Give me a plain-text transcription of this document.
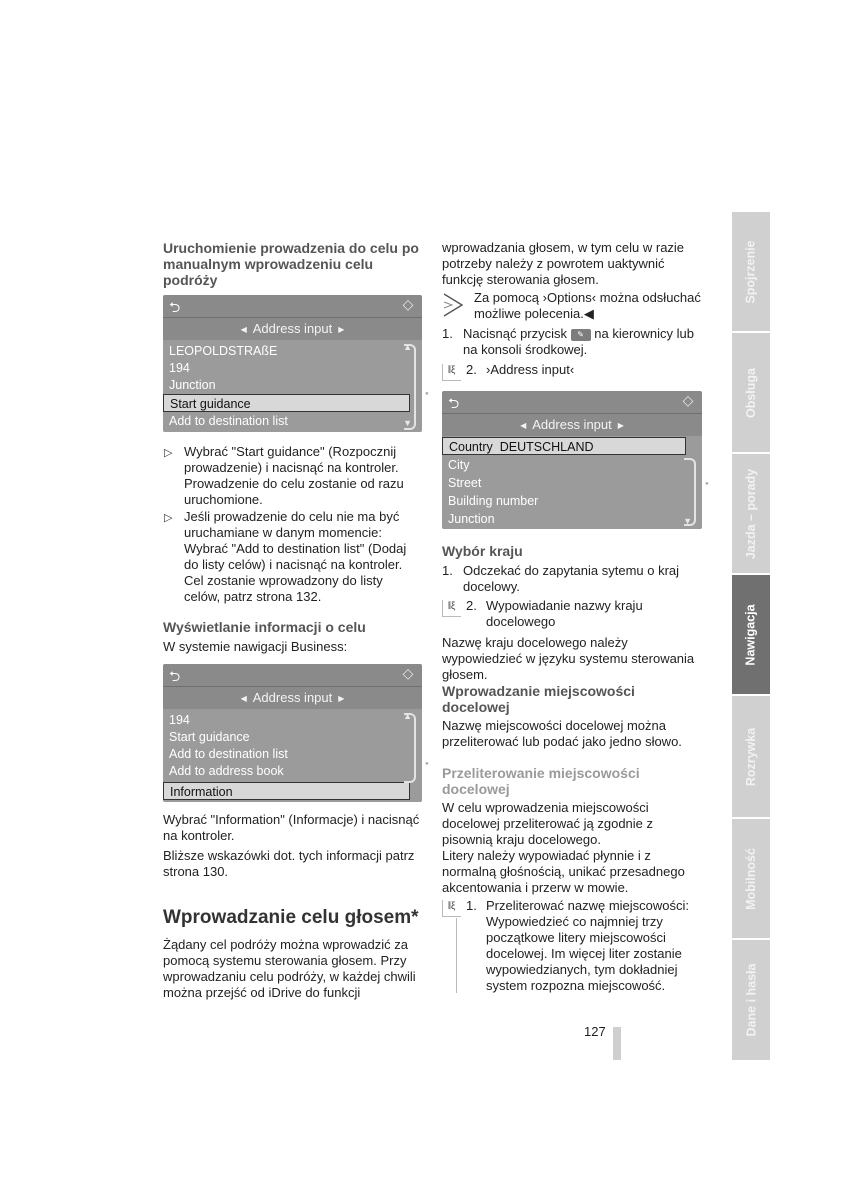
Uruchomienie prowadzenia do celu po manualnym wprowadzeniu celu podróży
⮌	◇
◀ Address input ▶
LEOPOLDSTRAßE
194
Junction
Start guidance
Add to destination list
▲
▼
■
▷ Wybrać "Start guidance" (Rozpocznij prowadzenie) i nacisnąć na kontroler. Prowadzenie do celu zostanie od razu uruchomione.
▷ Jeśli prowadzenie do celu nie ma być uruchamiane w danym momencie: Wybrać "Add to destination list" (Dodaj do listy celów) i nacisnąć na kontroler. Cel zostanie wprowadzony do listy celów, patrz strona 132.
Wyświetlanie informacji o celu
W systemie nawigacji Business:
⮌	◇
◀ Address input ▶
194
Start guidance
Add to destination list
Add to address book
Information
▲
■
Wybrać "Information" (Informacje) i nacisnąć na kontroler.
Bliższe wskazówki dot. tych informacji patrz strona 130.
Wprowadzanie celu głosem*
Żądany cel podróży można wprowadzić za pomocą systemu sterowania głosem. Przy wprowadzaniu celu podróży, w każdej chwili można przejść od iDrive do funkcji
wprowadzania głosem, w tym celu w razie potrzeby należy z powrotem uaktywnić funkcję sterowania głosem.
Za pomocą ›Options‹ można odsłuchać możliwe polecenia.◀
1. Nacisnąć przycisk ✎ na kierownicy lub na konsoli środkowej.
𝄃ξ 2. ›Address input‹
⮌	◇
◀ Address input ▶
Country DEUTSCHLAND
City
Street
Building number
Junction	▼
■
Wybór kraju
1. Odczekać do zapytania sytemu o kraj docelowy.
𝄃ξ 2. Wypowiadanie nazwy kraju docelowego
Nazwę kraju docelowego należy wypowiedzieć w języku systemu sterowania głosem.
Wprowadzanie miejscowości docelowej
Nazwę miejscowości docelowej można przeliterować lub podać jako jedno słowo.
Przeliterowanie miejscowości docelowej
W celu wprowadzenia miejscowości docelowej przeliterować ją zgodnie z pisownią kraju docelowego.
Litery należy wypowiadać płynnie i z normalną głośnością, unikać przesadnego akcentowania i przerw w mowie.
𝄃ξ 1. Przeliterować nazwę miejscowości: Wypowiedzieć co najmniej trzy początkowe litery miejscowości docelowej. Im więcej liter zostanie wypowiedzianych, tym dokładniej system rozpozna miejscowość.
127
Spojrzenie
Obsługa
Jazda – porady
Nawigacja
Rozrywka
Mobilność
Dane i hasła
